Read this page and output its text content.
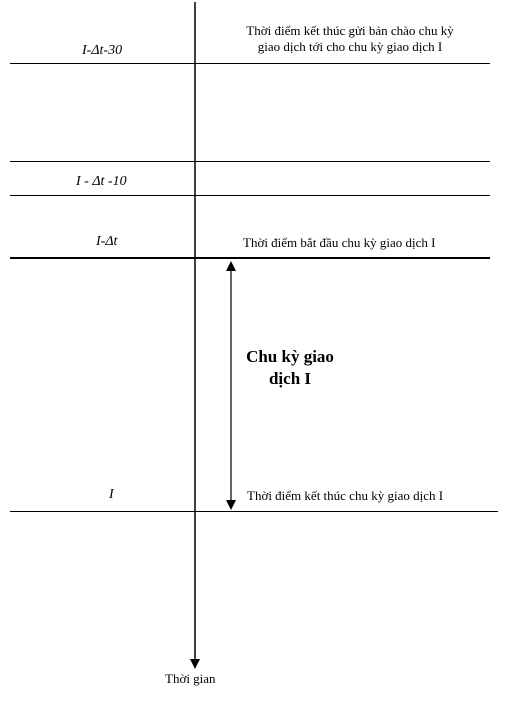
I-Δt-30
I - Δt -10
I-Δt
I
Thời điểm kết thúc gửi bản chào chu kỳ
giao dịch tới cho chu kỳ giao dịch I
Thời điểm bắt đầu chu kỳ giao dịch I
Thời điểm kết thúc chu kỳ giao dịch I
Chu kỳ giao
dịch I
Thời gian
